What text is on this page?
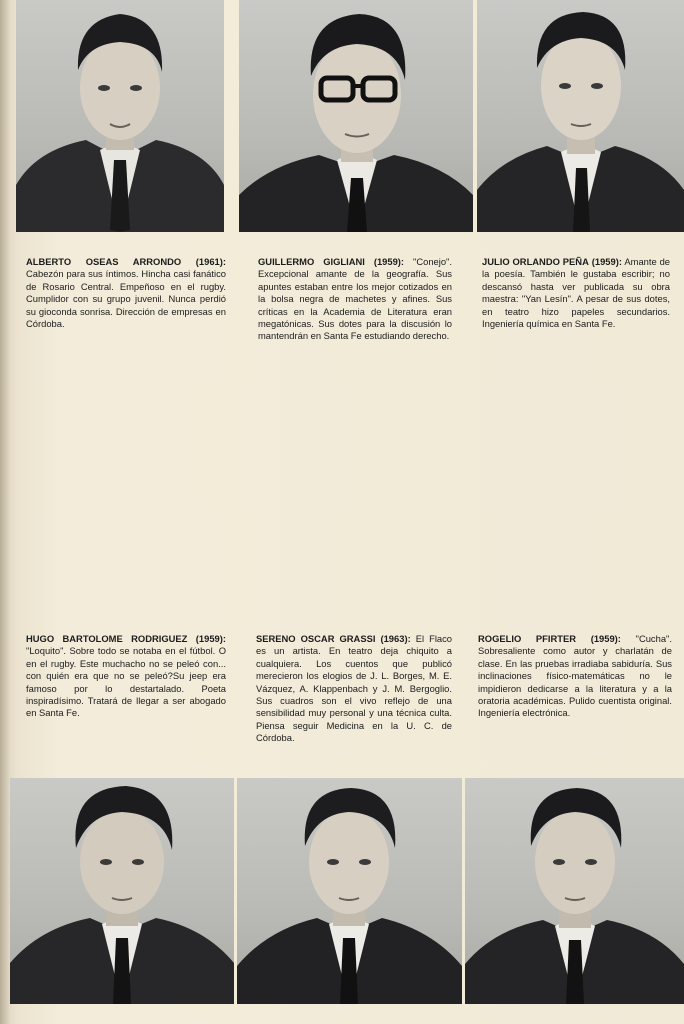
ALBERTO OSEAS ARRONDO (1961): Cabezón para sus íntimos. Hincha casi fanático de Rosario Central. Empeñoso en el rugby. Cumplidor con su grupo juvenil. Nunca perdió su gioconda sonrisa. Dirección de empresas en Córdoba.
GUILLERMO GIGLIANI (1959): "Conejo". Excepcional amante de la geografía. Sus apuntes estaban entre los mejor cotizados en la bolsa negra de machetes y afines. Sus críticas en la Academia de Literatura eran megatónicas. Sus dotes para la discusión lo mantendrán en Santa Fe estudiando derecho.
JULIO ORLANDO PEÑA (1959): Amante de la poesía. También le gustaba escribir; no descansó hasta ver publicada su obra maestra: "Yan Lesín". A pesar de sus dotes, en teatro hizo papeles secundarios. Ingeniería química en Santa Fe.
HUGO BARTOLOME RODRIGUEZ (1959): "Loquito". Sobre todo se notaba en el fútbol. O en el rugby. Este muchacho no se peleó con... con quién era que no se peleó?Su jeep era famoso por lo destartalado. Poeta inspiradísimo. Tratará de llegar a ser abogado en Santa Fe.
SERENO OSCAR GRASSI (1963): El Flaco es un artista. En teatro deja chiquito a cualquiera. Los cuentos que publicó merecieron los elogios de J. L. Borges, M. E. Vázquez, A. Klappenbach y J. M. Bergoglio. Sus cuadros son el vivo reflejo de una sensibilidad muy personal y una técnica culta. Piensa seguir Medicina en la U. C. de Córdoba.
ROGELIO PFIRTER (1959): "Cucha". Sobresaliente como autor y charlatán de clase. En las pruebas irradiaba sabiduría. Sus inclinaciones físico-matemáticas no le impidieron dedicarse a la literatura y a la oratoria académicas. Pulido cuentista original. Ingeniería electrónica.
